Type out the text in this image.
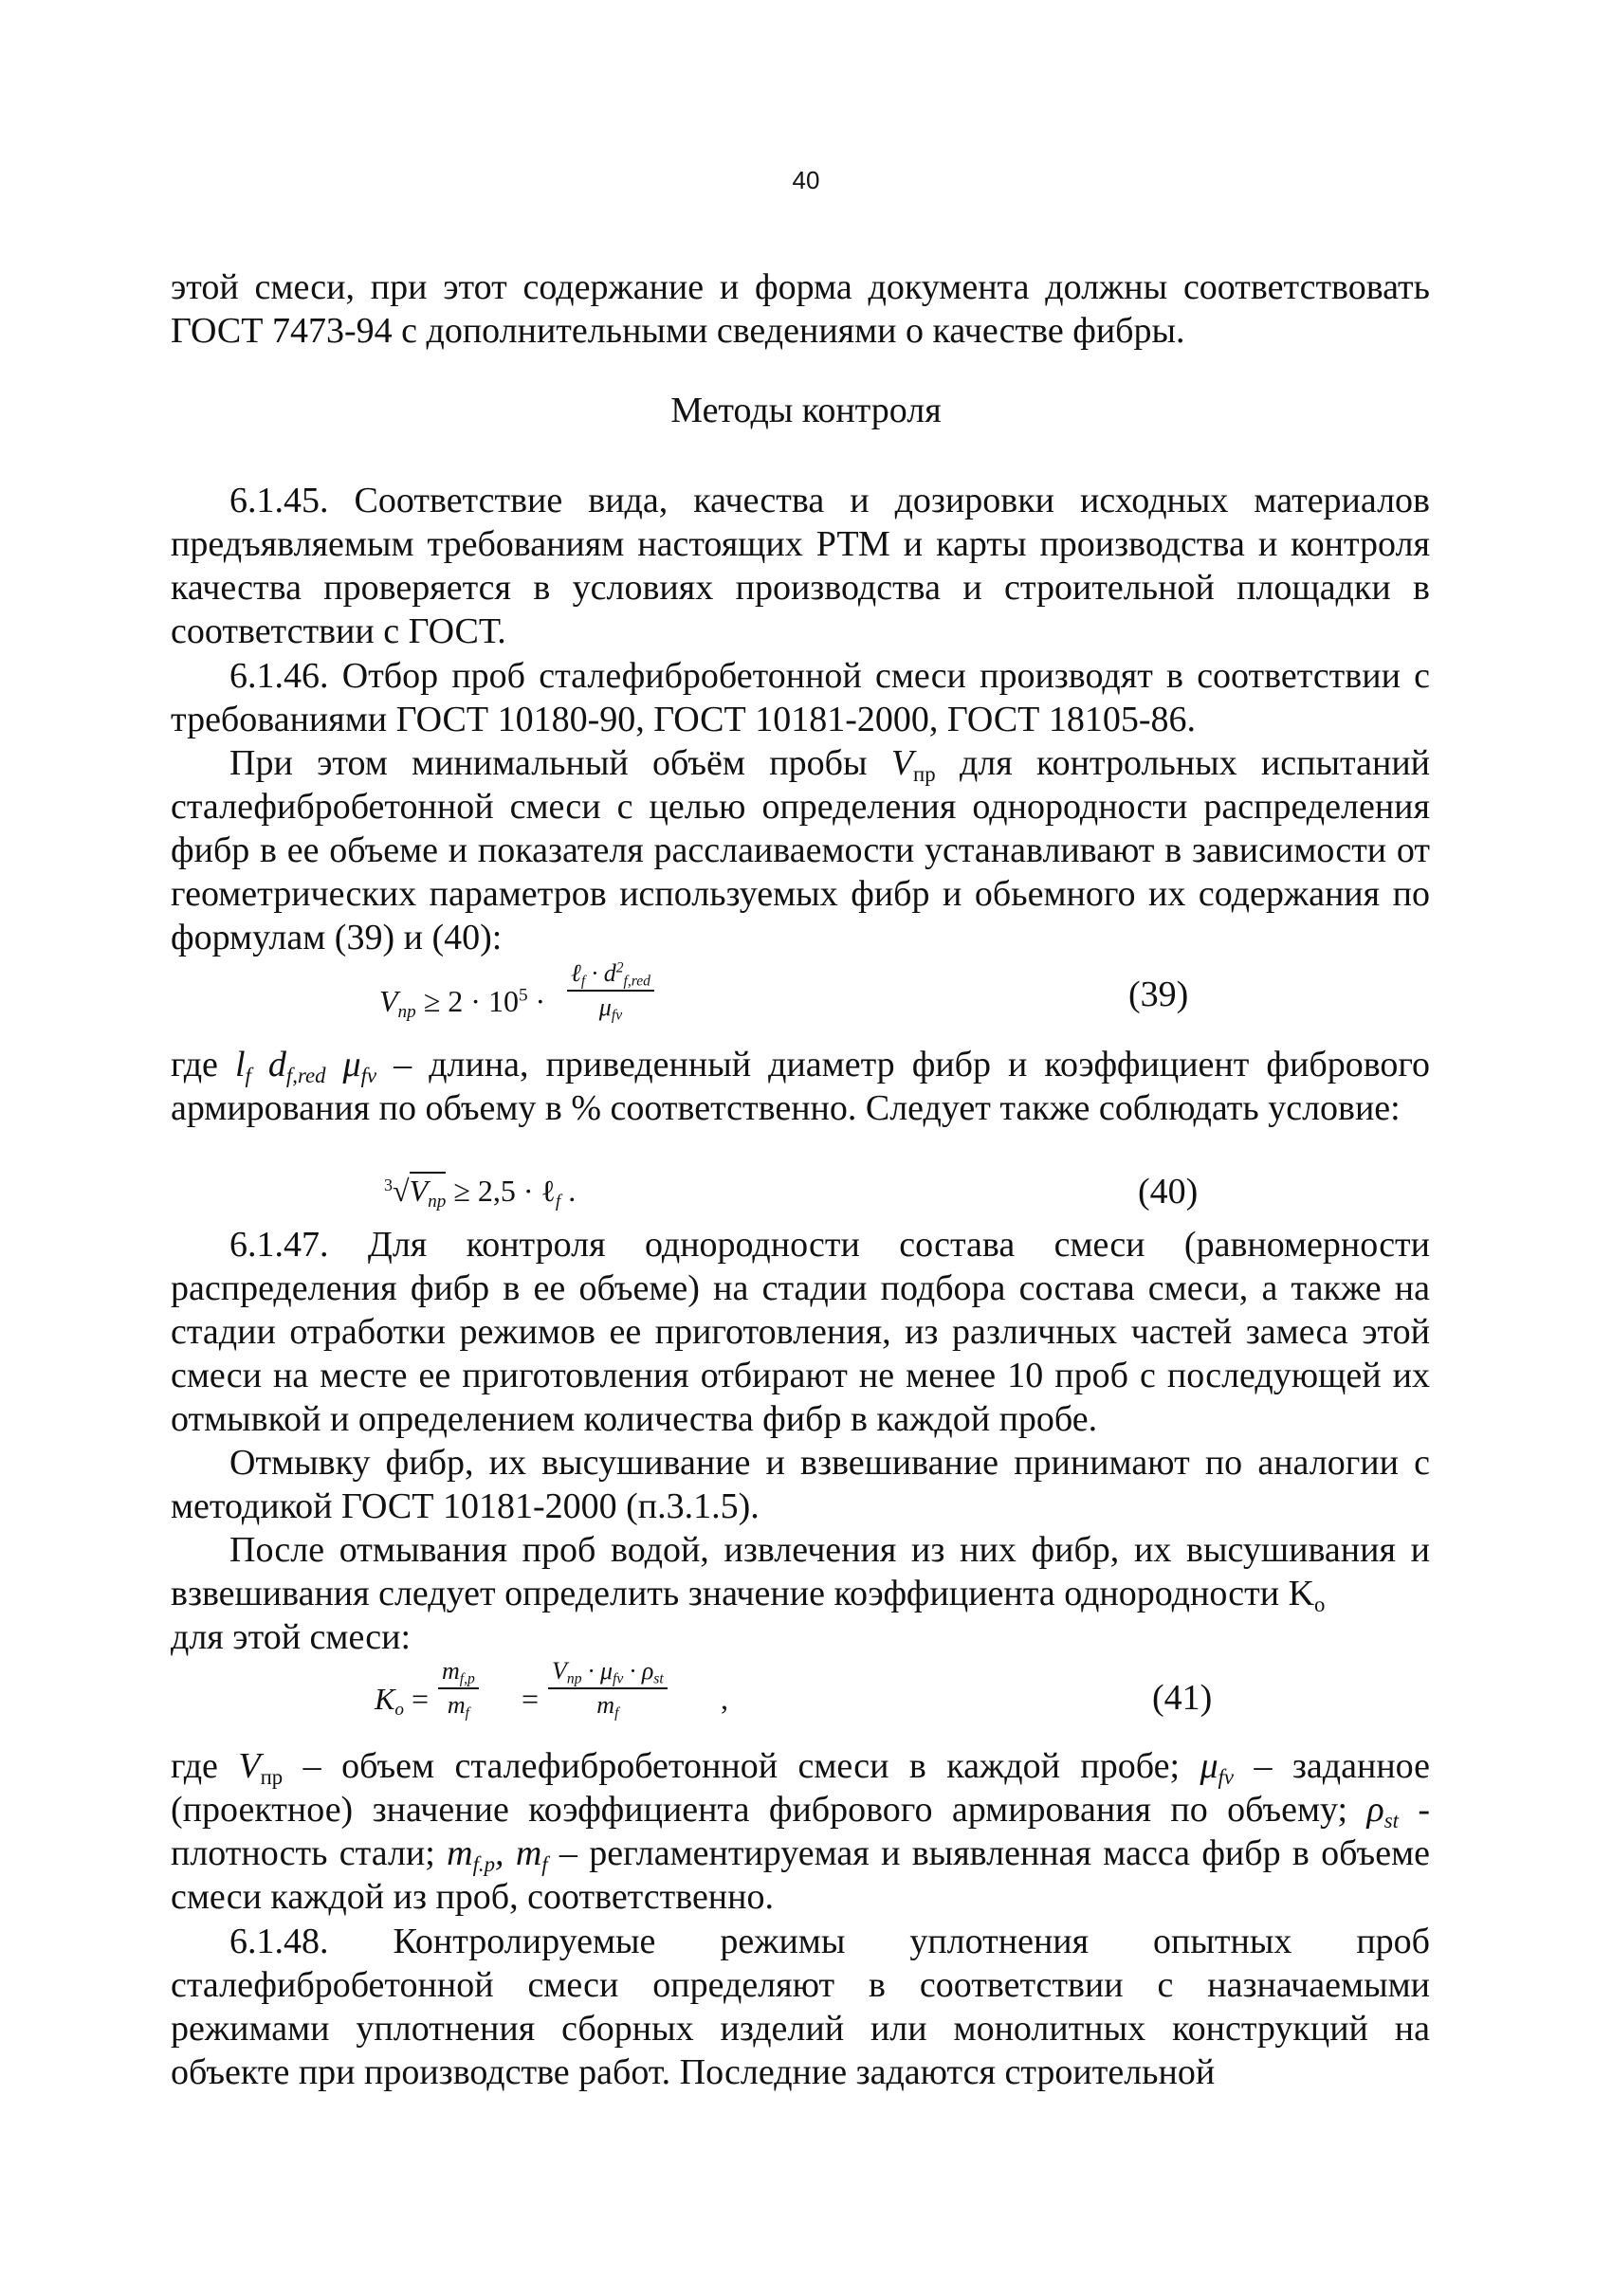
40

этой смеси, при этот содержание и форма документа должны соответствовать ГОСТ 7473-94 с дополнительными сведениями о качестве фибры.

Методы контроля

6.1.45. Соответствие вида, качества и дозировки исходных материалов предъявляемым требованиям настоящих РТМ и карты производства и контроля качества проверяется в условиях производства и строительной площадки в соответствии с ГОСТ.

6.1.46. Отбор проб сталефибробетонной смеси производят в соответствии с требованиями ГОСТ 10180-90, ГОСТ 10181-2000, ГОСТ 18105-86.

При этом минимальный объём пробы $V_{пр}$ для контрольных испытаний сталефибробетонной смеси с целью определения однородности распределения фибр в ее объеме и показателя расслаиваемости устанавливают в зависимости от геометрических параметров используемых фибр и обьемного их содержания по формулам (39) и (40):

$V_{пр} \ge 2 \cdot 10^5$ ·
ℓ$_f$ · $d^2_{f,red}$
$\mu_{fv}$
(39)

где $l_f$ $d_{f,red}$ $\mu_{fv}$ – длина, приведенный диаметр фибр и коэффициент фибрового армирования по объему в % соответственно. Следует также соблюдать условие:

$^3√V_{пр} \ge 2,5$ · ℓ$_f$ .	(40)

6.1.47. Для контроля однородности состава смеси (равномерности распределения фибр в ее объеме) на стадии подбора состава смеси, а также на стадии отработки режимов ее приготовления, из различных частей замеса этой смеси на месте ее приготовления отбирают не менее 10 проб с последующей их отмывкой и определением количества фибр в каждой пробе.

Отмывку фибр, их высушивание и взвешивание принимают по аналогии с методикой ГОСТ 10181-2000 (п.3.1.5).

После отмывания проб водой, извлечения из них фибр, их высушивания и взвешивания следует определить значение коэффициента однородности $K_о$
для этой смеси:

$K_о = \frac{m_{f,p}}{m_f}$ =
$V_{пр} \cdot \mu_{fv} \cdot \rho_{st}$
$m_f$	,	(41)

где $V_{пр}$ – объем сталефибробетонной смеси в каждой пробе; $\mu_{fv}$ – заданное (проектное) значение коэффициента фибрового армирования по объему; $\rho_{st}$ - плотность стали; $m_{f.p}$, $m_f$ – регламентируемая и выявленная масса фибр в объеме смеси каждой из проб, соответственно.

6.1.48. Контролируемые режимы уплотнения опытных проб сталефибробетонной смеси определяют в соответствии с назначаемыми режимами уплотнения сборных изделий или монолитных конструкций на объекте при производстве работ. Последние задаются строительной
